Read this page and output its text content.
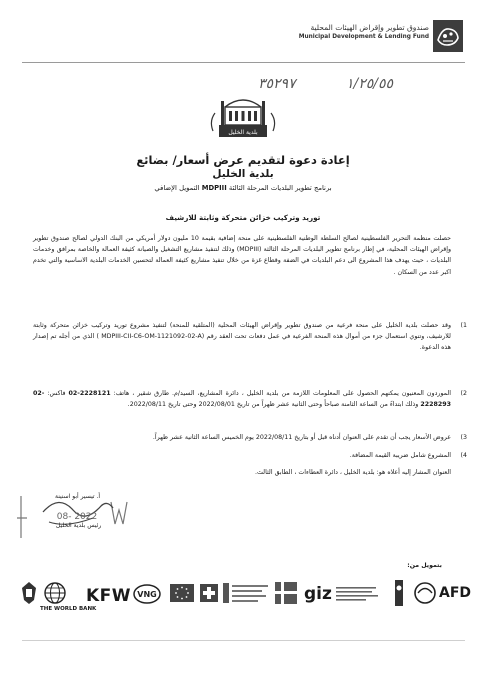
صندوق تطوير وإقراض الهيئات المحلية
Municipal Development & Lending Fund
٣٥٢٩٧	١/٢٥/٥٥
بلدية الخليل
إعادة دعوة لتقديم عرض أسعار/ بضائع
بلدية الخليل
برنامج تطوير البلديات المرحلة الثالثة MDPIII التمويل الإضافي
توريد وتركيب خزائن متحركة وثابتة للارشيف
حصلت منظمة التحرير الفلسطينية لصالح السلطة الوطنية الفلسطينية على منحة إضافية بقيمة 10 مليون دولار أمريكي من البنك الدولي لصالح صندوق تطوير وإقراض الهيئات المحلية، في إطار برنامج تطوير البلديات المرحلة الثالثة (MDPIII) وذلك لتنفيذ مشاريع التشغيل والصيانة كثيفة العمالة والخاصة بمرافق وخدمات البلديات ، حيث يهدف هذا المشروع الى دعم البلديات في الضفة وقطاع غزة من خلال تنفيذ مشاريع كثيفة العمالة لتحسين الخدمات البلدية الاساسية والتي تخدم اكبر عدد من السكان .
1)
وقد حصلت بلدية الخليل على منحة فرعية من صندوق تطوير وإقراض الهيئات المحلية (المتلقية للمنحة) لتنفيذ مشروع توريد وتركيب خزائن متحركة وثابتة للارشيف، وتنوي استعمال جزء من أموال هذه المنحة الفرعية في عمل دفعات تحت العقد رقم ( MDPIII-CII-C6-OM-1121092-02-A) الذي من أجله تم إصدار هذه الدعوة.
2)
الموردون المعنيون يمكنهم الحصول على المعلومات اللازمة من بلدية الخليل ، دائرة المشاريع، السيد/م. طارق شقير ، هاتف: 02-2228121 فاكس: 02-2228293 وذلك ابتداءً من الساعة الثامنة صباحاً وحتى الثانية عشر ظهراً من تاريخ 2022/08/01 وحتى تاريخ 2022/08/11.
3)
عروض الأسعار يجب أن تقدم على العنوان أدناه قبل أو بتاريخ 2022/08/11 يوم الخميس الساعة الثانية عشر ظهراً.
4)
المشروع شامل ضريبة القيمة المضافة.
العنوان المشار إليه أعلاه هو: بلدية الخليل ، دائرة العطاءات ، الطابق الثالث.
08- 2022
أ. تيسير أبو اسنينة
رئيس بلدية الخليل
بتمويل من:
THE WORLD BANK
KFW VNG	giz	AFD
